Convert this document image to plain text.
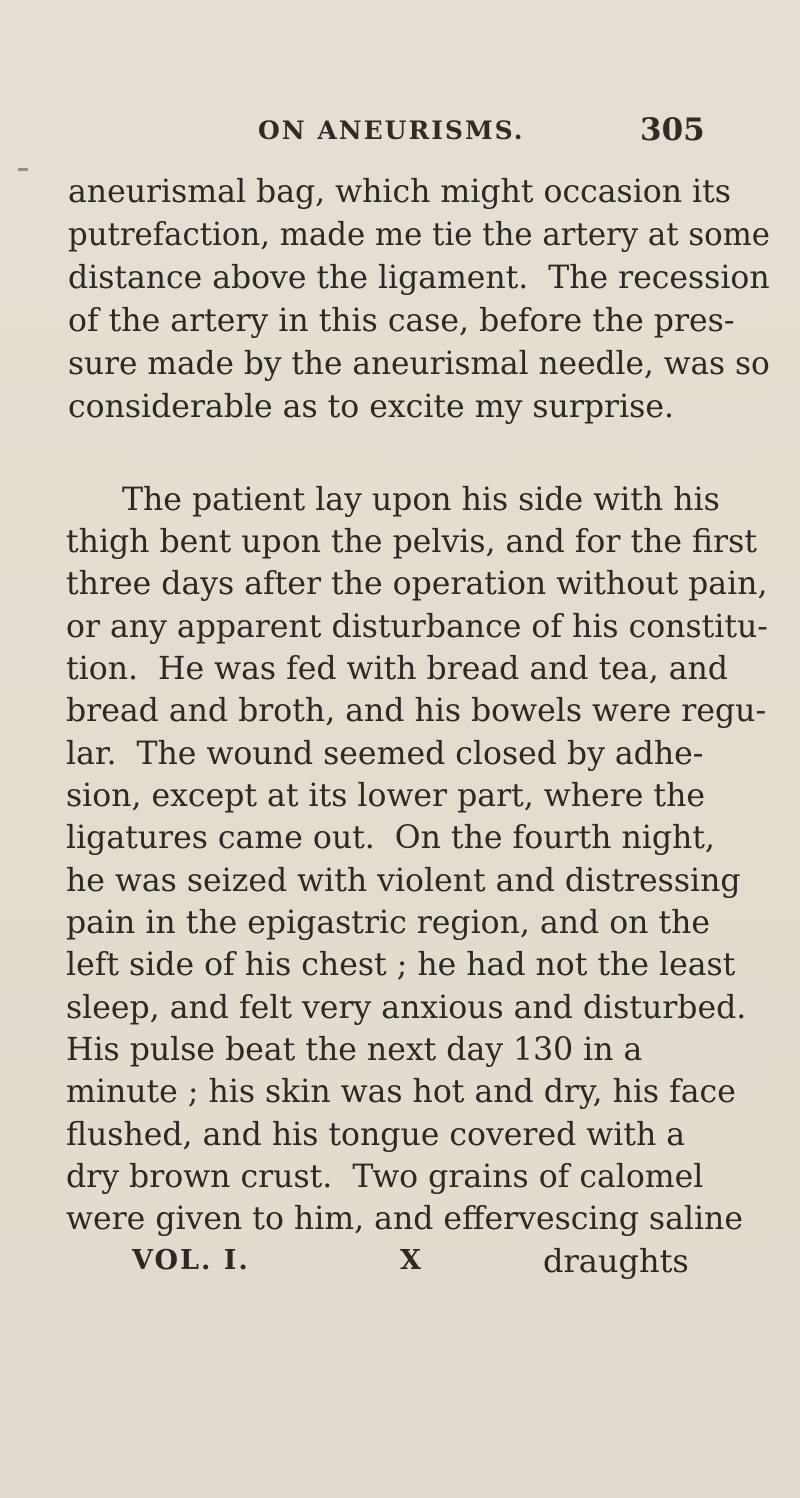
ON ANEURISMS.	305
aneurismal bag, which might occasion its
putrefaction, made me tie the artery at some
distance above the ligament.  The recession
of the artery in this case, before the pres-
sure made by the aneurismal needle, was so
considerable as to excite my surprise.
The patient lay upon his side with his
thigh bent upon the pelvis, and for the first
three days after the operation without pain,
or any apparent disturbance of his constitu-
tion.  He was fed with bread and tea, and
bread and broth, and his bowels were regu-
lar.  The wound seemed closed by adhe-
sion, except at its lower part, where the
ligatures came out.  On the fourth night,
he was seized with violent and distressing
pain in the epigastric region, and on the
left side of his chest ; he had not the least
sleep, and felt very anxious and disturbed.
His pulse beat the next day 130 in a
minute ; his skin was hot and dry, his face
flushed, and his tongue covered with a
dry brown crust.  Two grains of calomel
were given to him, and effervescing saline
VOL. I.	X	draughts
